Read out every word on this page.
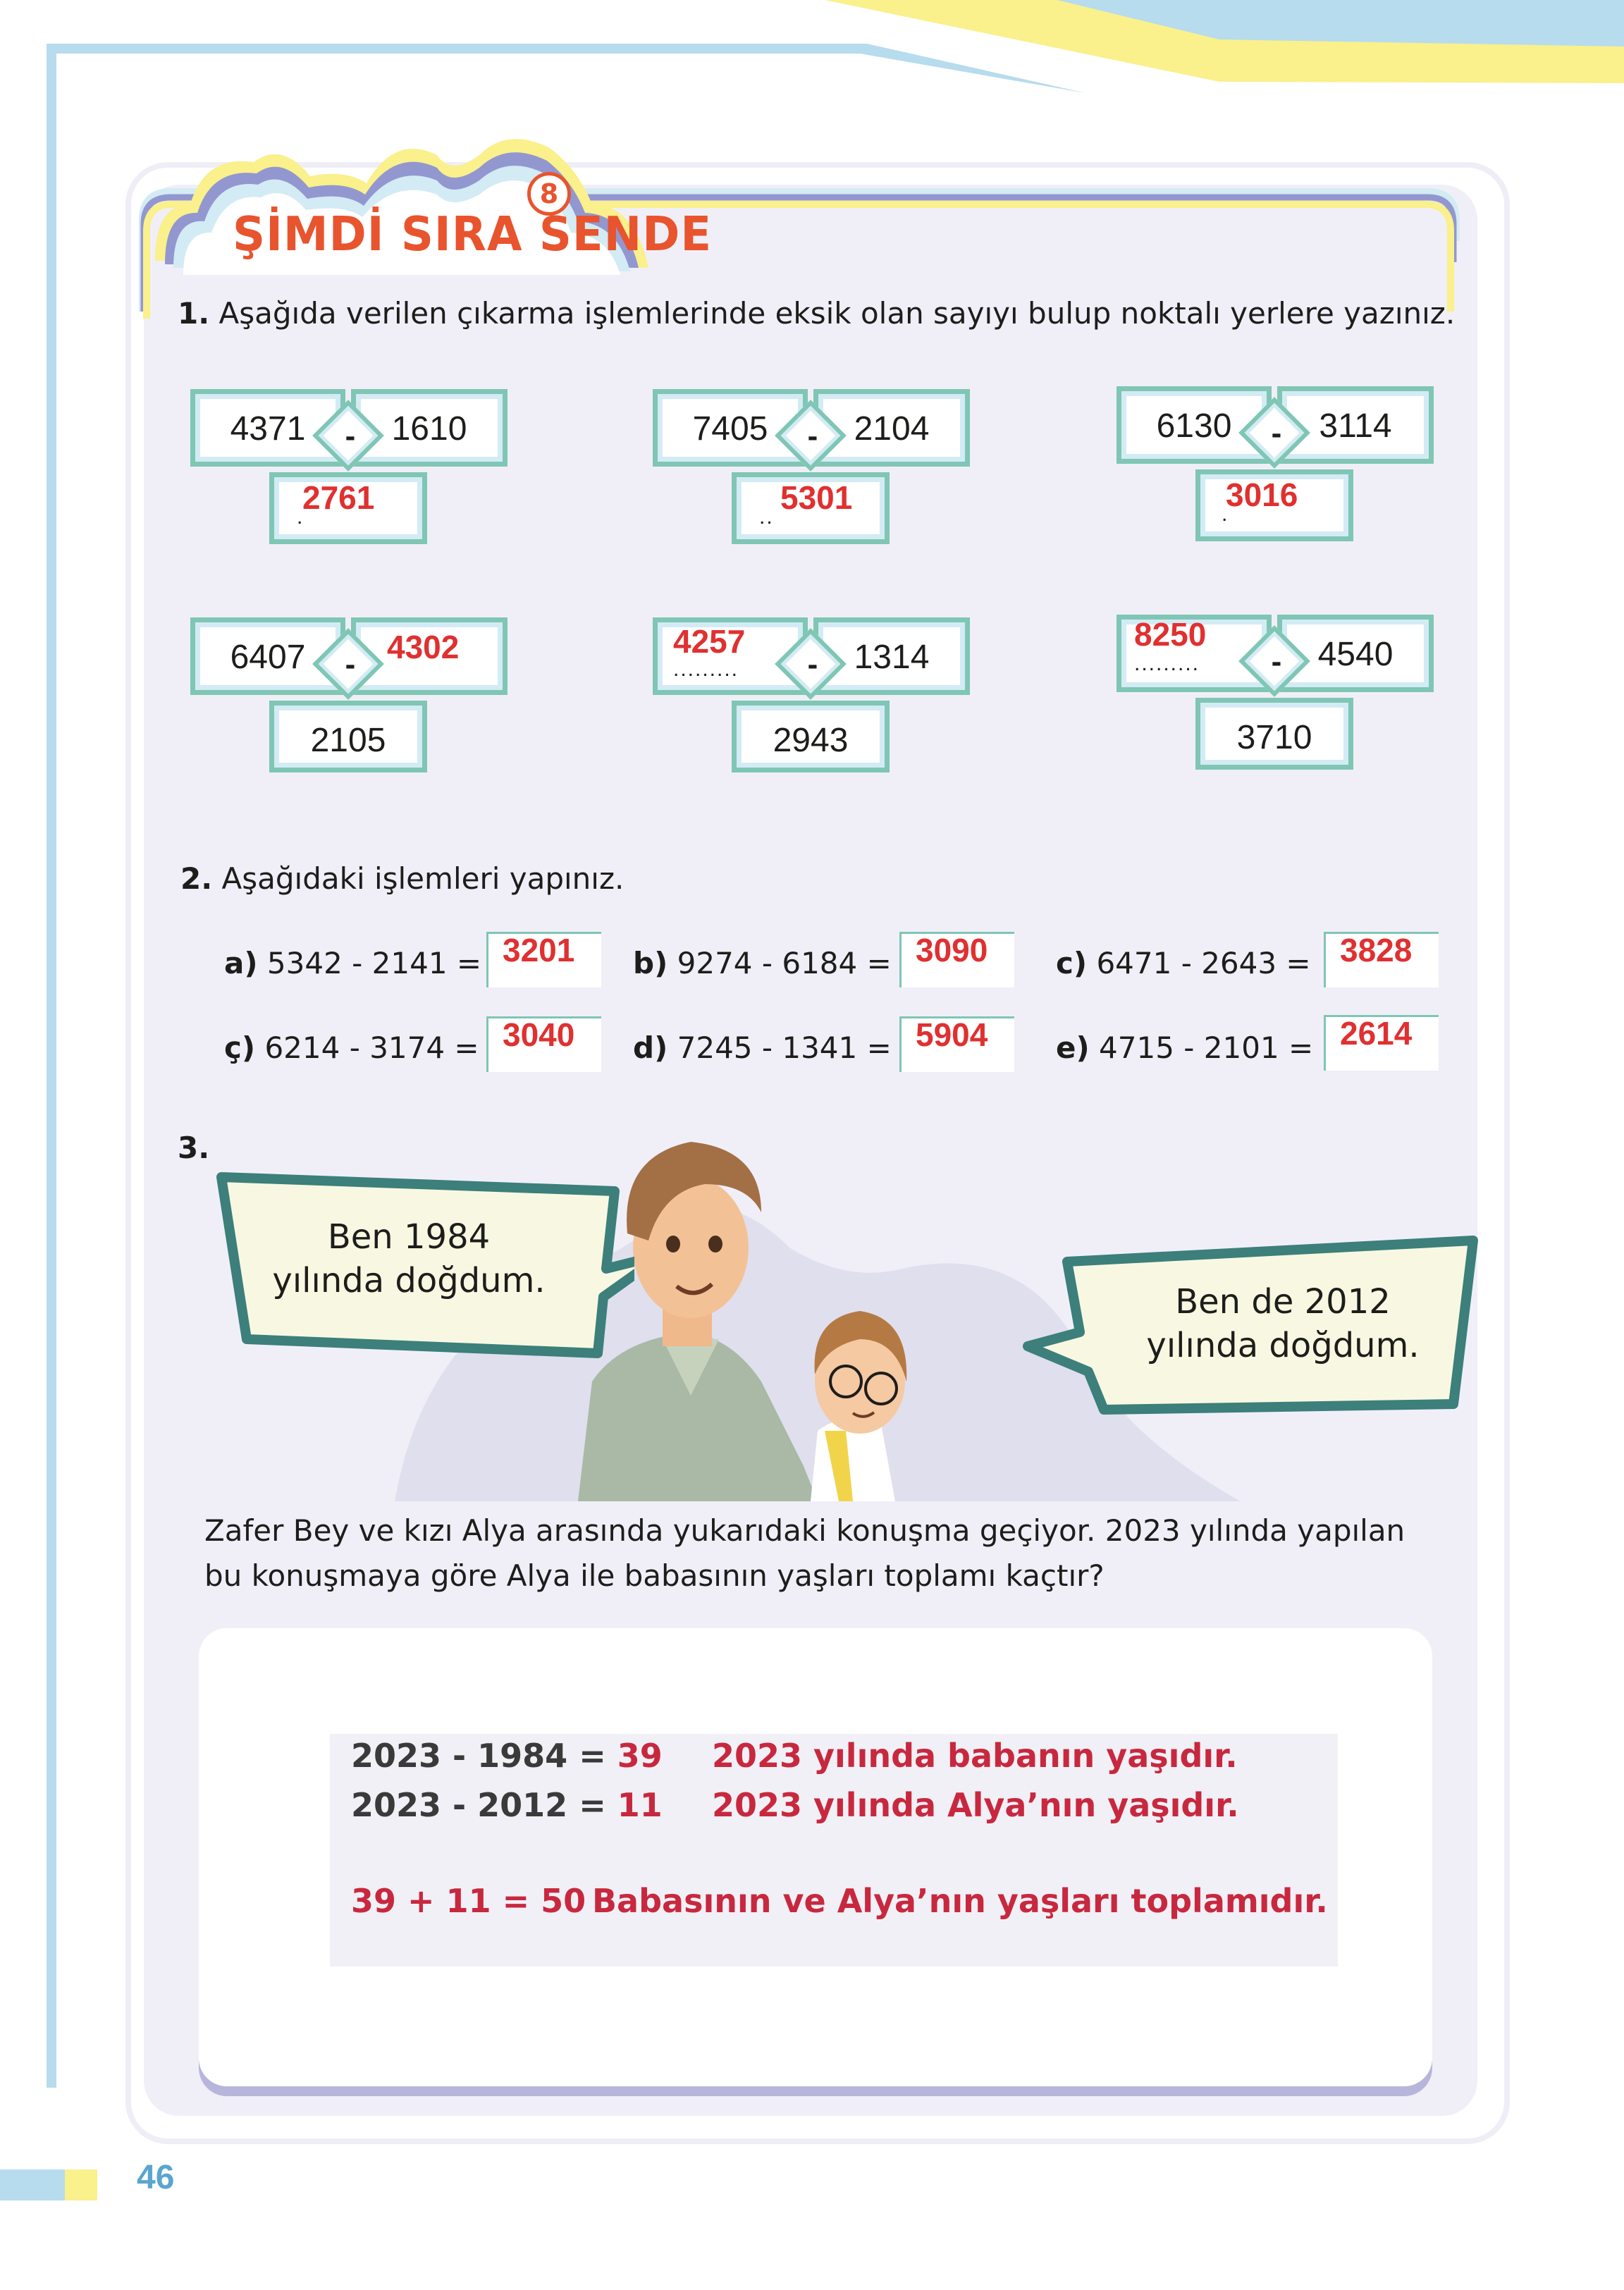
8
ŞİMDİ SIRA SENDE
1. Aşağıda verilen çıkarma işlemlerinde eksik olan sayıyı bulup noktalı yerlere yazınız.
4371	1610
2761
.
-	7405	2104
5301
..
-	6130	3114
3016
.
-
6407	4302
2105
-
4257
.........	1314
2943
-
8250
.........	4540
3710
-
2. Aşağıdaki işlemleri yapınız.
a) 5342 - 2141 = 3201 b) 9274 - 6184 = 3090 c) 6471 - 2643 = 3828
ç) 6214 - 3174 = 3040 d) 7245 - 1341 = 5904 e) 4715 - 2101 = 2614
3.
Ben 1984
yılında doğdum.
Ben de 2012
yılında doğdum.
Zafer Bey ve kızı Alya arasında yukarıdaki konuşma geçiyor. 2023 yılında yapılan
bu konuşmaya göre Alya ile babasının yaşları toplamı kaçtır?
2023 - 1984 = 39 2023 yılında babanın yaşıdır.
2023 - 2012 = 11 2023 yılında Alya’nın yaşıdır.
39 + 11 = 50 Babasının ve Alya’nın yaşları toplamıdır.
46
